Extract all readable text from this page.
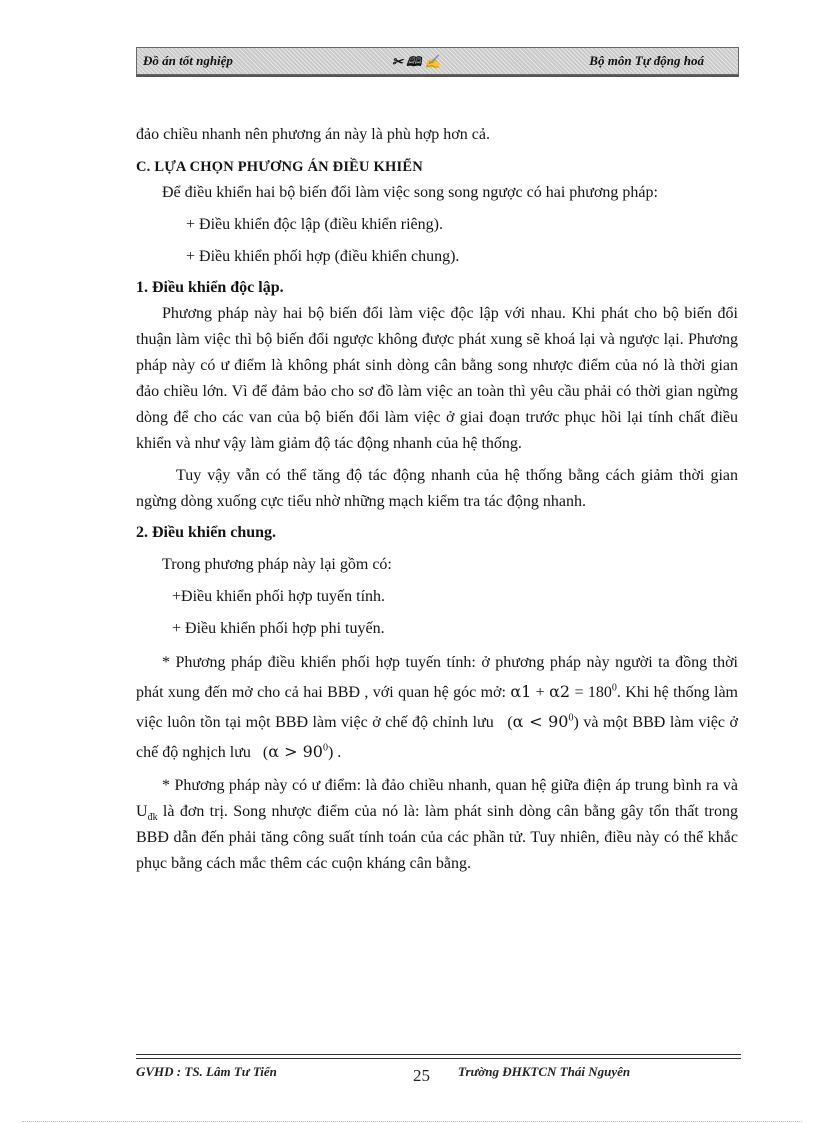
Đồ án tốt nghiệp	✂ 🕮 ✍	Bộ môn Tự động hoá

đảo chiều nhanh nên phương án này là phù hợp hơn cả.

C. LỰA CHỌN PHƯƠNG ÁN ĐIỀU KHIỂN

Để điều khiển hai bộ biến đổi làm việc song song ngược có hai phương pháp:

+ Điều khiển độc lập (điều khiển riêng).

+ Điều khiển phối hợp (điều khiển chung).

1. Điều khiển độc lập.

Phương pháp này hai bộ biến đổi làm việc độc lập với nhau. Khi phát cho bộ biến đổi thuận làm việc thì bộ biến đổi ngược không được phát xung sẽ khoá lại và ngược lại. Phương pháp này có ư điểm là không phát sinh dòng cân bằng song nhược điểm của nó là thời gian đảo chiều lớn. Vì để đảm bảo cho sơ đồ làm việc an toàn thì yêu cầu phải có thời gian ngừng dòng để cho các van của bộ biến đổi làm việc ở giai đoạn trước phục hồi lại tính chất điều khiển và như vậy làm giảm độ tác động nhanh của hệ thống.

Tuy vậy vẫn có thể tăng độ tác động nhanh của hệ thống bằng cách giảm thời gian ngừng dòng xuống cực tiểu nhờ những mạch kiểm tra tác động nhanh.

2. Điều khiển chung.

Trong phương pháp này lại gồm có:

+Điều khiển phối hợp tuyến tính.

+ Điều khiển phối hợp phi tuyến.

* Phương pháp điều khiển phối hợp tuyến tính: ở phương pháp này người ta đồng thời phát xung đến mở cho cả hai BBĐ , với quan hệ góc mở: $\alpha 1 + \alpha 2 = 180^0$. Khi hệ thống làm việc luôn tồn tại một BBĐ làm việc ở chế độ chỉnh lưu $(\alpha < 90^0)$ và một BBĐ làm việc ở chế độ nghịch lưu $(\alpha > 90^0)$ .

* Phương pháp này có ư điểm: là đảo chiều nhanh, quan hệ giữa điện áp trung bình ra và $U_{đk}$ là đơn trị. Song nhược điểm của nó là: làm phát sinh dòng cân bằng gây tổn thất trong BBĐ dẫn đến phải tăng công suất tính toán của các phần tử. Tuy nhiên, điều này có thể khắc phục bằng cách mắc thêm các cuộn kháng cân bằng.

GVHD : TS. Lâm Tư Tiến	25 Trường ĐHKTCN Thái Nguyên
